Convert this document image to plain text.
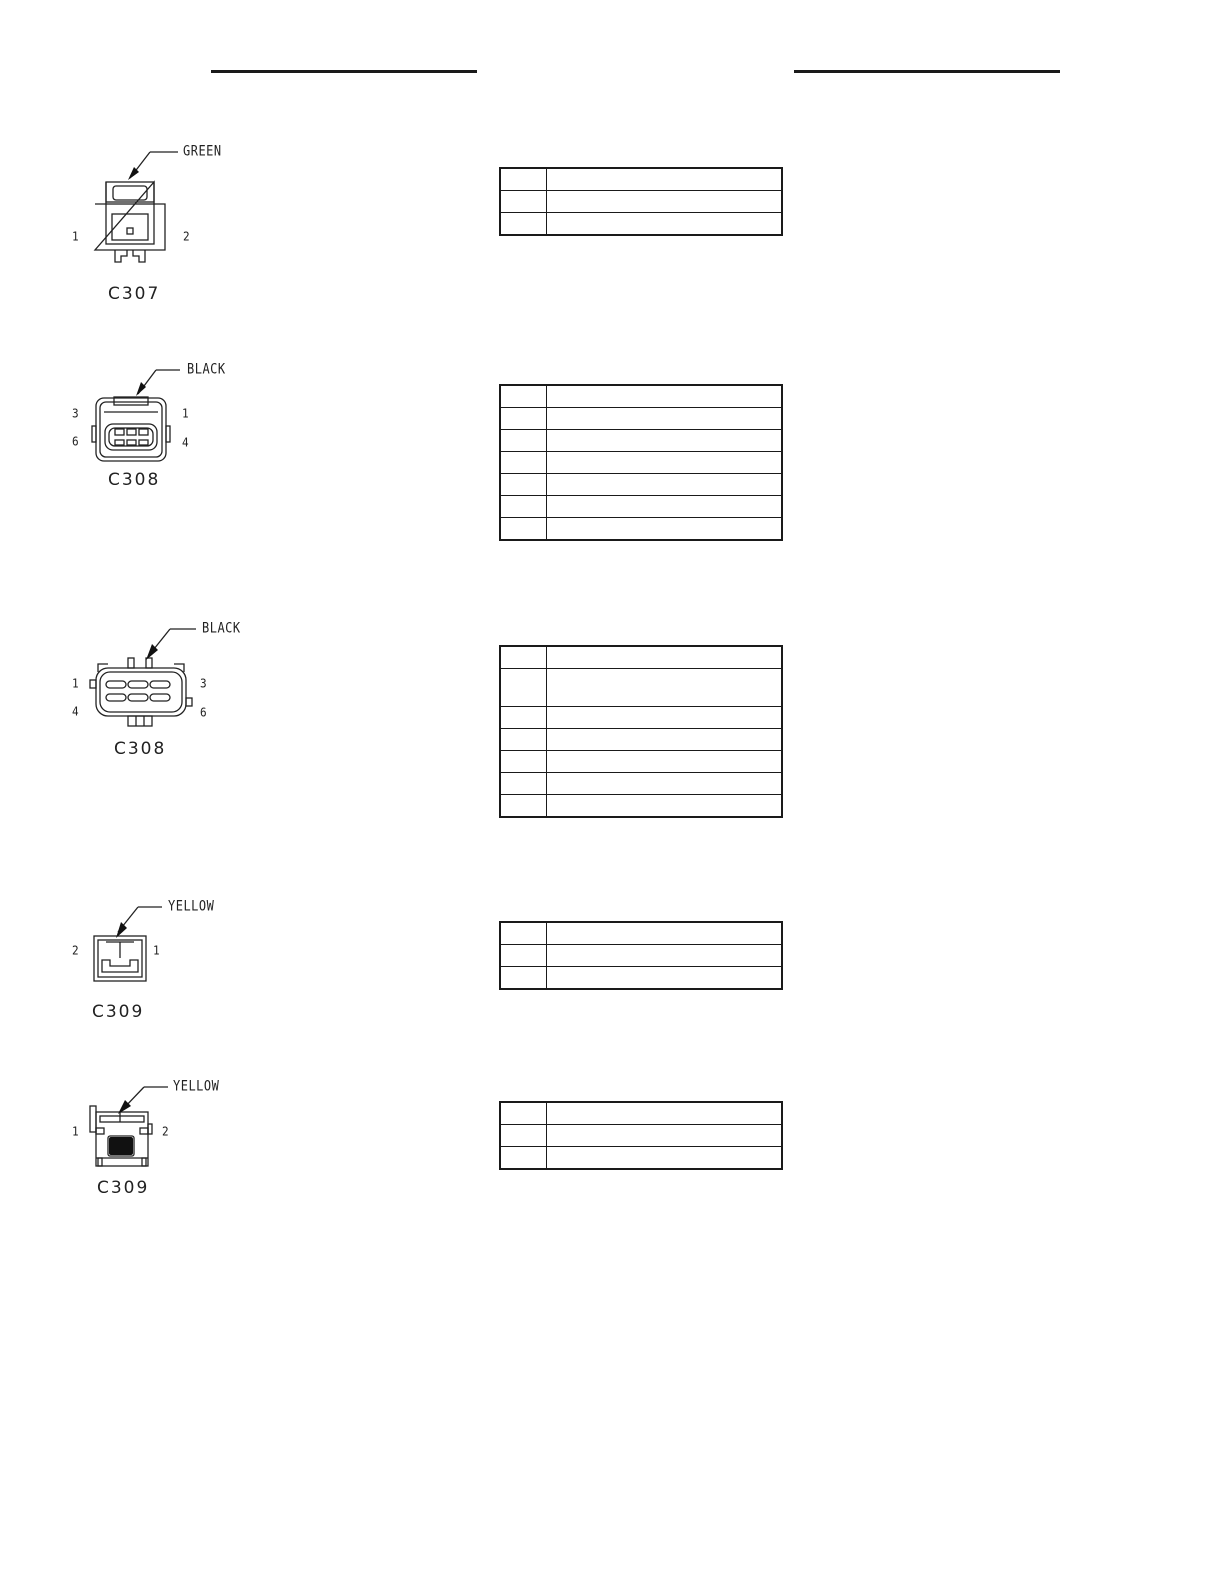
GREEN
1	2
C307

BLACK
3	1
6	4
C308

BLACK
1	3
4	6
C308

YELLOW
2	1
C309

YELLOW
1	2
C309
